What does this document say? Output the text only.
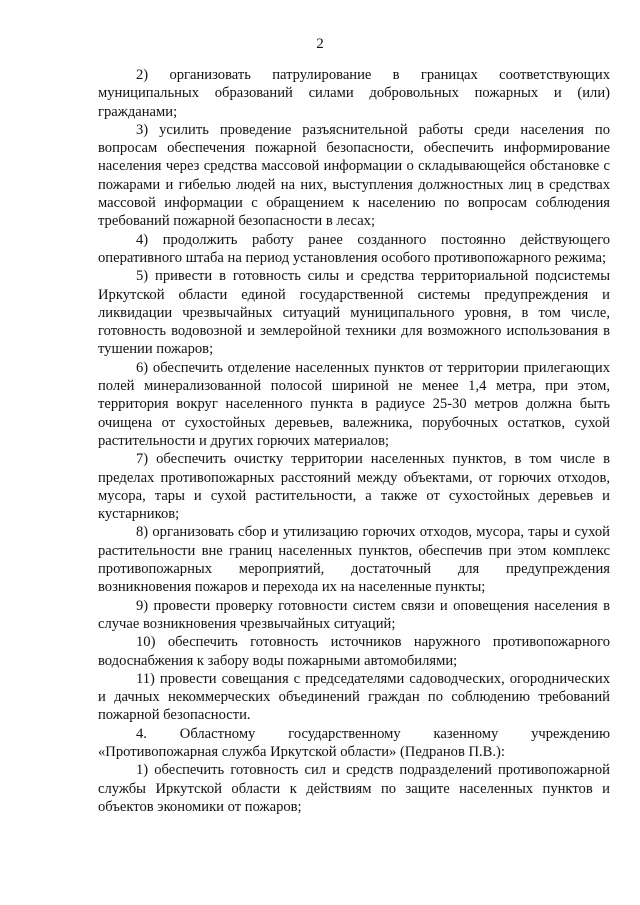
2

2) организовать патрулирование в границах соответствующих муниципальных образований силами добровольных пожарных и (или) гражданами;

3) усилить проведение разъяснительной работы среди населения по вопросам обеспечения пожарной безопасности, обеспечить информирование населения через средства массовой информации о складывающейся обстановке с пожарами и гибелью людей на них, выступления должностных лиц в средствах массовой информации с обращением к населению по вопросам соблюдения требований пожарной безопасности в лесах;

4) продолжить работу ранее созданного постоянно действующего оперативного штаба на период установления особого противопожарного режима;

5) привести в готовность силы и средства территориальной подсистемы Иркутской области единой государственной системы предупреждения и ликвидации чрезвычайных ситуаций муниципального уровня, в том числе, готовность водовозной и землеройной техники для возможного использования в тушении пожаров;

6) обеспечить отделение населенных пунктов от территории прилегающих полей минерализованной полосой шириной не менее 1,4 метра, при этом, территория вокруг населенного пункта в радиусе 25-30 метров должна быть очищена от сухостойных деревьев, валежника, порубочных остатков, сухой растительности и других горючих материалов;

7) обеспечить очистку территории населенных пунктов, в том числе в пределах противопожарных расстояний между объектами, от горючих отходов, мусора, тары и сухой растительности, а также от сухостойных деревьев и кустарников;

8) организовать сбор и утилизацию горючих отходов, мусора, тары и сухой растительности вне границ населенных пунктов, обеспечив при этом комплекс противопожарных мероприятий, достаточный для предупреждения возникновения пожаров и перехода их на населенные пункты;

9) провести проверку готовности систем связи и оповещения населения в случае возникновения чрезвычайных ситуаций;

10) обеспечить готовность источников наружного противопожарного водоснабжения к забору воды пожарными автомобилями;

11) провести совещания с председателями садоводческих, огороднических и дачных некоммерческих объединений граждан по соблюдению требований пожарной безопасности.

4. Областному государственному казенному учреждению «Противопожарная служба Иркутской области» (Педранов П.В.):

1) обеспечить готовность сил и средств подразделений противопожарной службы Иркутской области к действиям по защите населенных пунктов и объектов экономики от пожаров;
